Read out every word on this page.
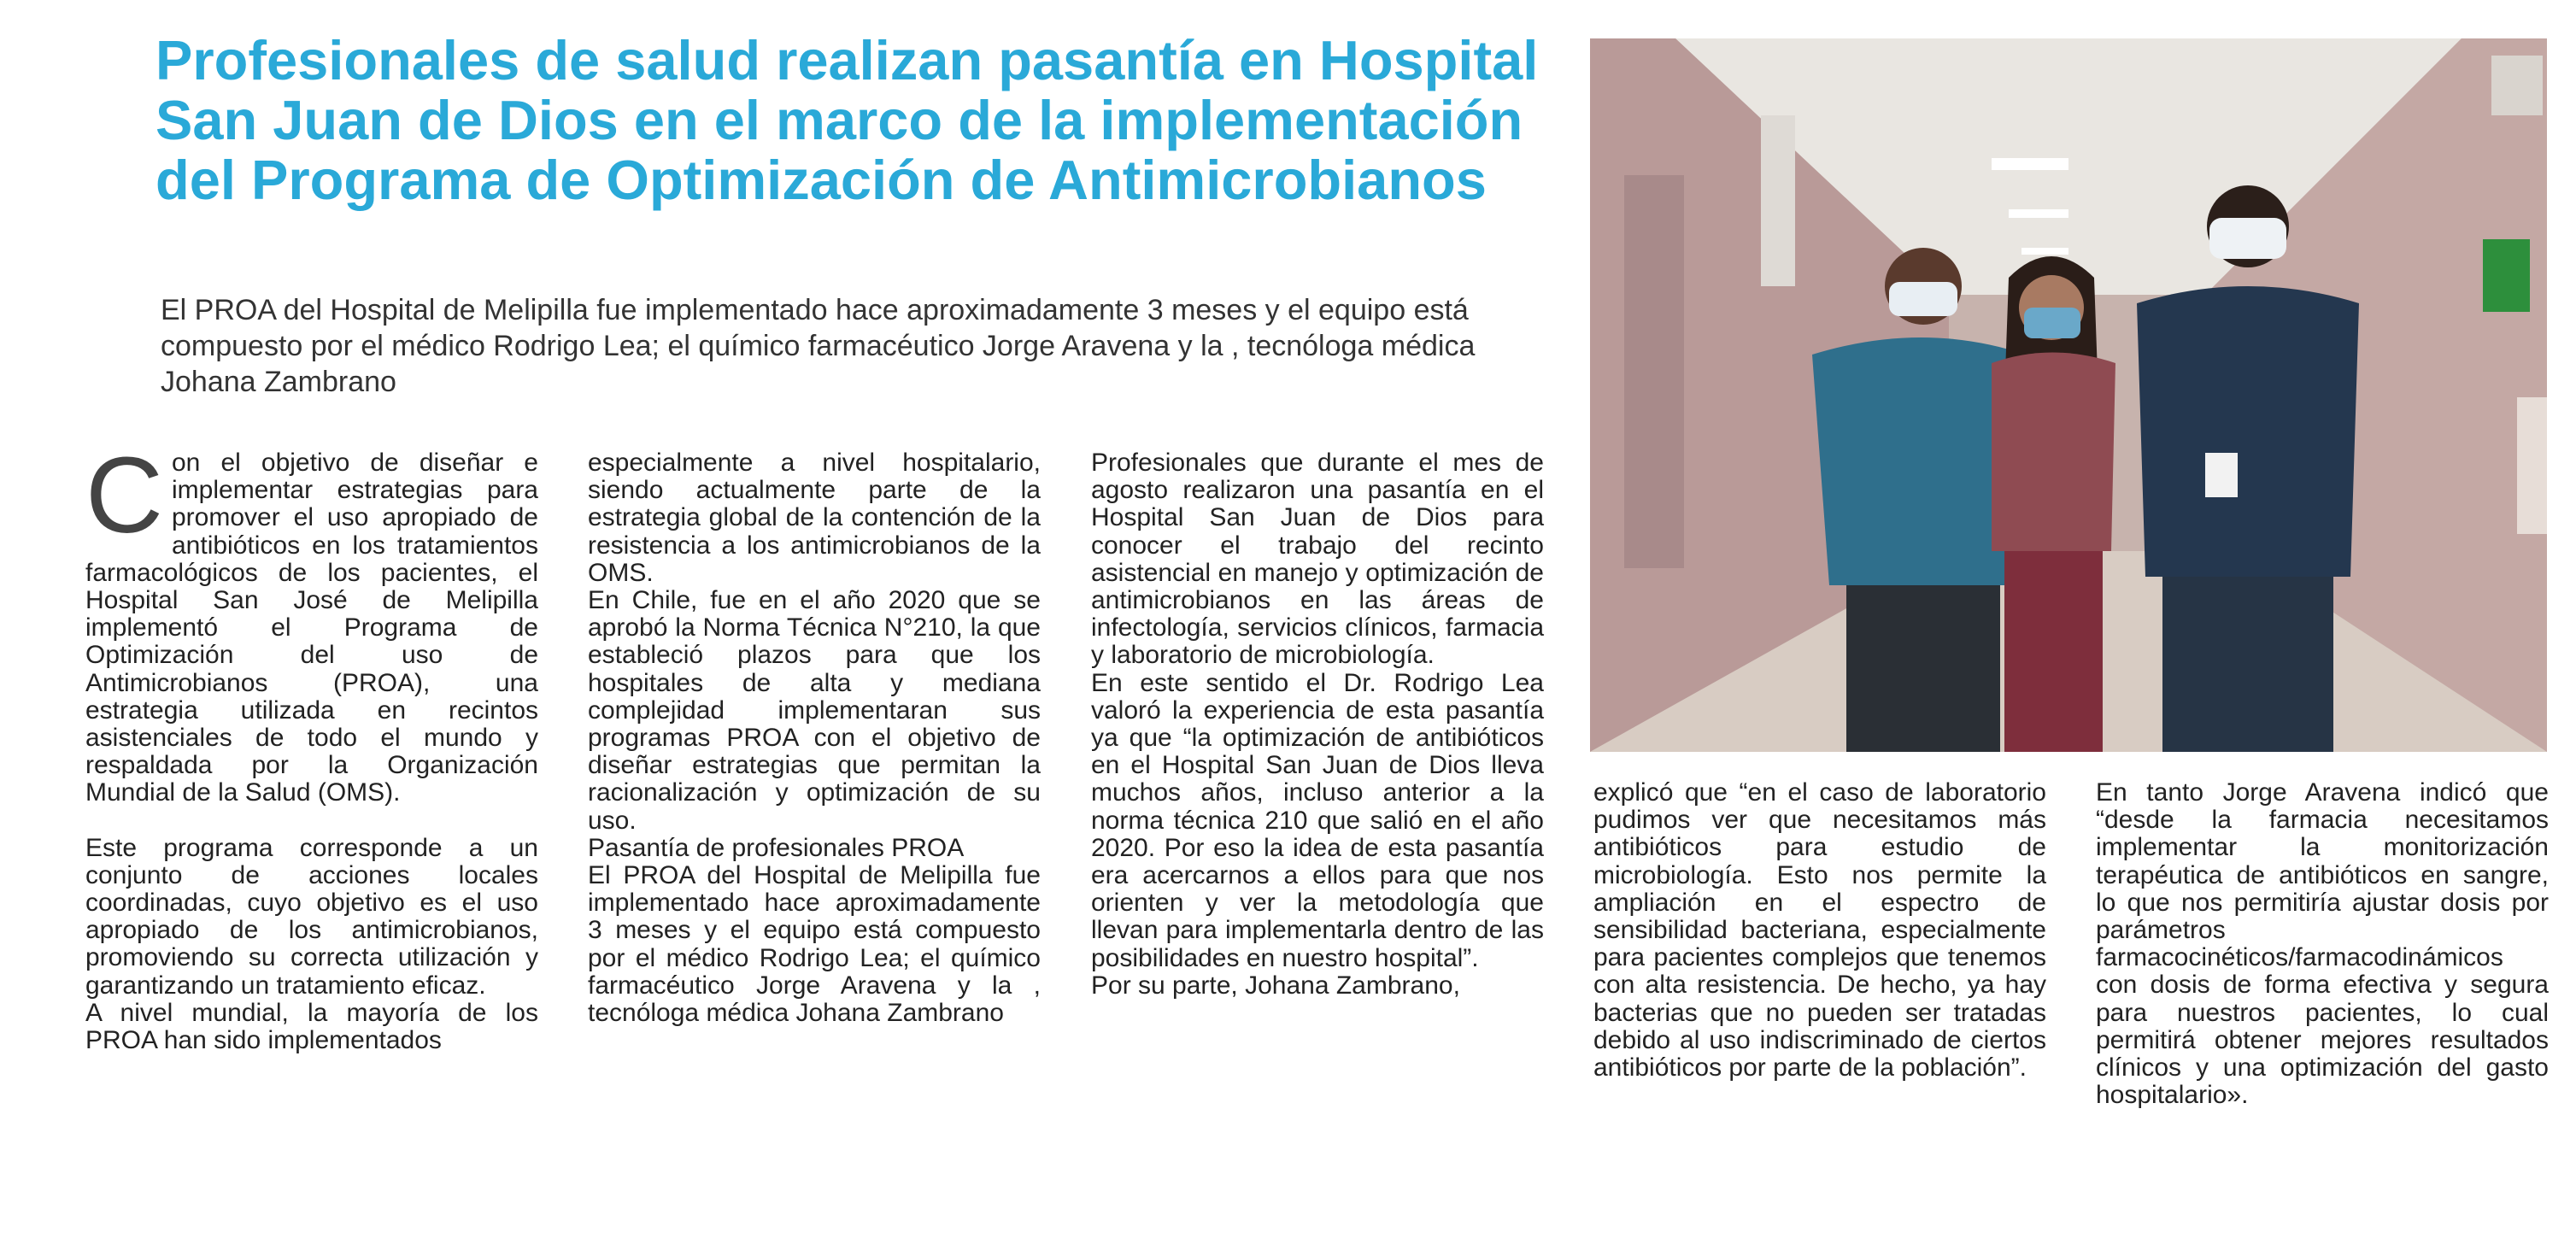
Profesionales de salud realizan pasantía en Hospital San Juan de Dios en el marco de la implementación del Programa de Optimización de Antimicrobianos

El PROA del Hospital de Melipilla fue implementado hace aproximadamente 3 meses y el equipo está compuesto por el médico Rodrigo Lea; el químico farmacéutico Jorge Aravena y la , tecnóloga médica Johana Zambrano

C on el objetivo de diseñar e implementar estrategias para promover el uso apropiado de antibióticos en los tratamientos farmacológicos de los pacientes, el Hospital San José de Melipilla implementó el Programa de Optimización del uso de Antimicrobianos (PROA), una estrategia utilizada en recintos asistenciales de todo el mundo y respaldada por la Organización Mundial de la Salud (OMS).

Este programa corresponde a un conjunto de acciones locales coordinadas, cuyo objetivo es el uso apropiado de los antimicrobianos, promoviendo su correcta utilización y garantizando un tratamiento eficaz.

A nivel mundial, la mayoría de los PROA han sido implementados

especialmente a nivel hospitalario, siendo actualmente parte de la estrategia global de la contención de la resistencia a los antimicrobianos de la OMS.

En Chile, fue en el año 2020 que se aprobó la Norma Técnica N°210, la que estableció plazos para que los hospitales de alta y mediana complejidad implementaran sus programas PROA con el objetivo de diseñar estrategias que permitan la racionalización y optimización de su uso.

Pasantía de profesionales PROA

El PROA del Hospital de Melipilla fue implementado hace aproximadamente 3 meses y el equipo está compuesto por el médico Rodrigo Lea; el químico farmacéutico Jorge Aravena y la , tecnóloga médica Johana Zambrano

Profesionales que durante el mes de agosto realizaron una pasantía en el Hospital San Juan de Dios para conocer el trabajo del recinto asistencial en manejo y optimización de antimicrobianos en las áreas de infectología, servicios clínicos, farmacia y laboratorio de microbiología.

En este sentido el Dr. Rodrigo Lea valoró la experiencia de esta pasantía ya que “la optimización de antibióticos en el Hospital San Juan de Dios lleva muchos años, incluso anterior a la norma técnica 210 que salió en el año 2020. Por eso la idea de esta pasantía era acercarnos a ellos para que nos orienten y ver la metodología que llevan para implementarla dentro de las posibilidades en nuestro hospital”.

Por su parte, Johana Zambrano,

explicó que “en el caso de laboratorio pudimos ver que necesitamos más antibióticos para estudio de microbiología. Esto nos permite la ampliación en el espectro de sensibilidad bacteriana, especialmente para pacientes complejos que tenemos con alta resistencia. De hecho, ya hay bacterias que no pueden ser tratadas debido al uso indiscriminado de ciertos antibióticos por parte de la población”.

En tanto Jorge Aravena indicó que “desde la farmacia necesitamos implementar la monitorización terapéutica de antibióticos en sangre, lo que nos permitiría ajustar dosis por parámetros farmacocinéticos/farmacodinámicos con dosis de forma efectiva y segura para nuestros pacientes, lo cual permitirá obtener mejores resultados clínicos y una optimización del gasto hospitalario».
